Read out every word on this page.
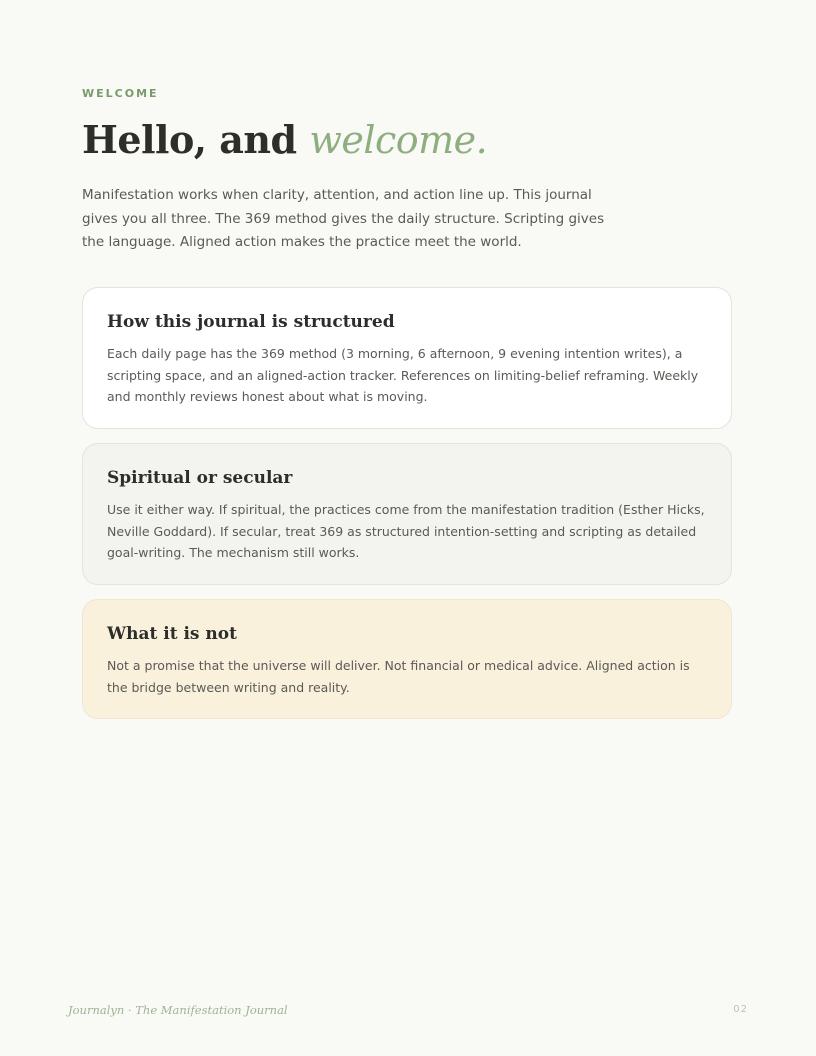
WELCOME

Hello, and welcome.

Manifestation works when clarity, attention, and action line up. This journal gives you all three. The 369 method gives the daily structure. Scripting gives the language. Aligned action makes the practice meet the world.

How this journal is structured

Each daily page has the 369 method (3 morning, 6 afternoon, 9 evening intention writes), a scripting space, and an aligned-action tracker. References on limiting-belief reframing. Weekly and monthly reviews honest about what is moving.

Spiritual or secular

Use it either way. If spiritual, the practices come from the manifestation tradition (Esther Hicks, Neville Goddard). If secular, treat 369 as structured intention-setting and scripting as detailed goal-writing. The mechanism still works.

What it is not

Not a promise that the universe will deliver. Not financial or medical advice. Aligned action is the bridge between writing and reality.

Journalyn · The Manifestation Journal	02
